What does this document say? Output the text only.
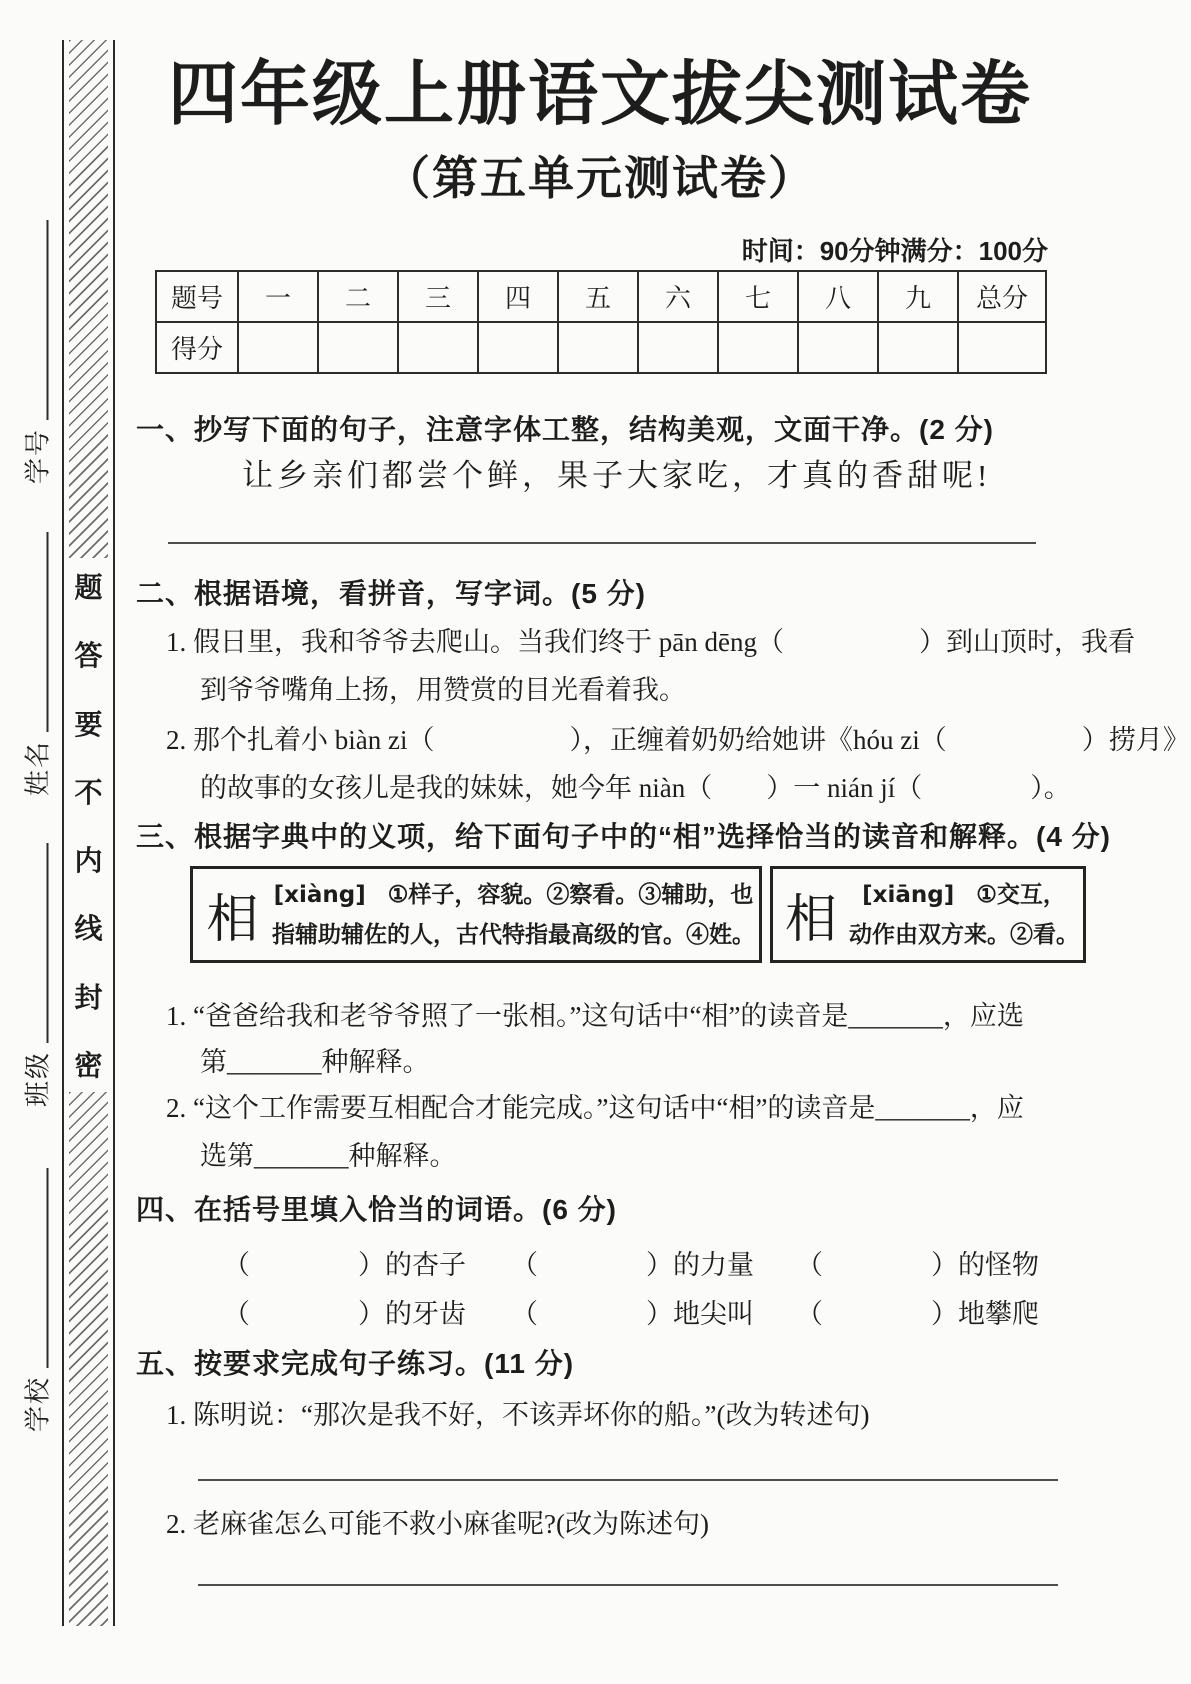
学号
姓名
班级
学校
题
答
要
不
内
线
封
密
四年级上册语文拔尖测试卷
（第五单元测试卷）
时间：90分钟满分：100分
题号	一	二	三	四	五	六	七	八	九	总分
得分										
一、抄写下面的句子，注意字体工整，结构美观，文面干净。(2 分)
让乡亲们都尝个鲜，果子大家吃，才真的香甜呢!
二、根据语境，看拼音，写字词。(5 分)
1. 假日里，我和爷爷去爬山。当我们终于 pān dēng（　　　　　）到山顶时，我看
到爷爷嘴角上扬，用赞赏的目光看着我。
2. 那个扎着小 biàn zi（　　　　　），正缠着奶奶给她讲《hóu zi（　　　　　）捞月》
的故事的女孩儿是我的妹妹，她今年 niàn（　　）一 nián jí（　　　　）。
三、根据字典中的义项，给下面句子中的“相”选择恰当的读音和解释。(4 分)
相 [xiàng] ①样子，容貌。②察看。③辅助，也
指辅助辅佐的人，古代特指最高级的官。④姓。 相	[xiāng] ①交互，
动作由双方来。②看。
1. “爸爸给我和老爷爷照了一张相。”这句话中“相”的读音是_______，应选
第_______种解释。
2. “这个工作需要互相配合才能完成。”这句话中“相”的读音是_______，应
选第_______种解释。
四、在括号里填入恰当的词语。(6 分)
（　　　　）的杏子 （　　　　）的力量 （　　　　）的怪物
（　　　　）的牙齿 （　　　　）地尖叫 （　　　　）地攀爬
五、按要求完成句子练习。(11 分)
1. 陈明说：“那次是我不好，不该弄坏你的船。”(改为转述句)
2. 老麻雀怎么可能不救小麻雀呢?(改为陈述句)
